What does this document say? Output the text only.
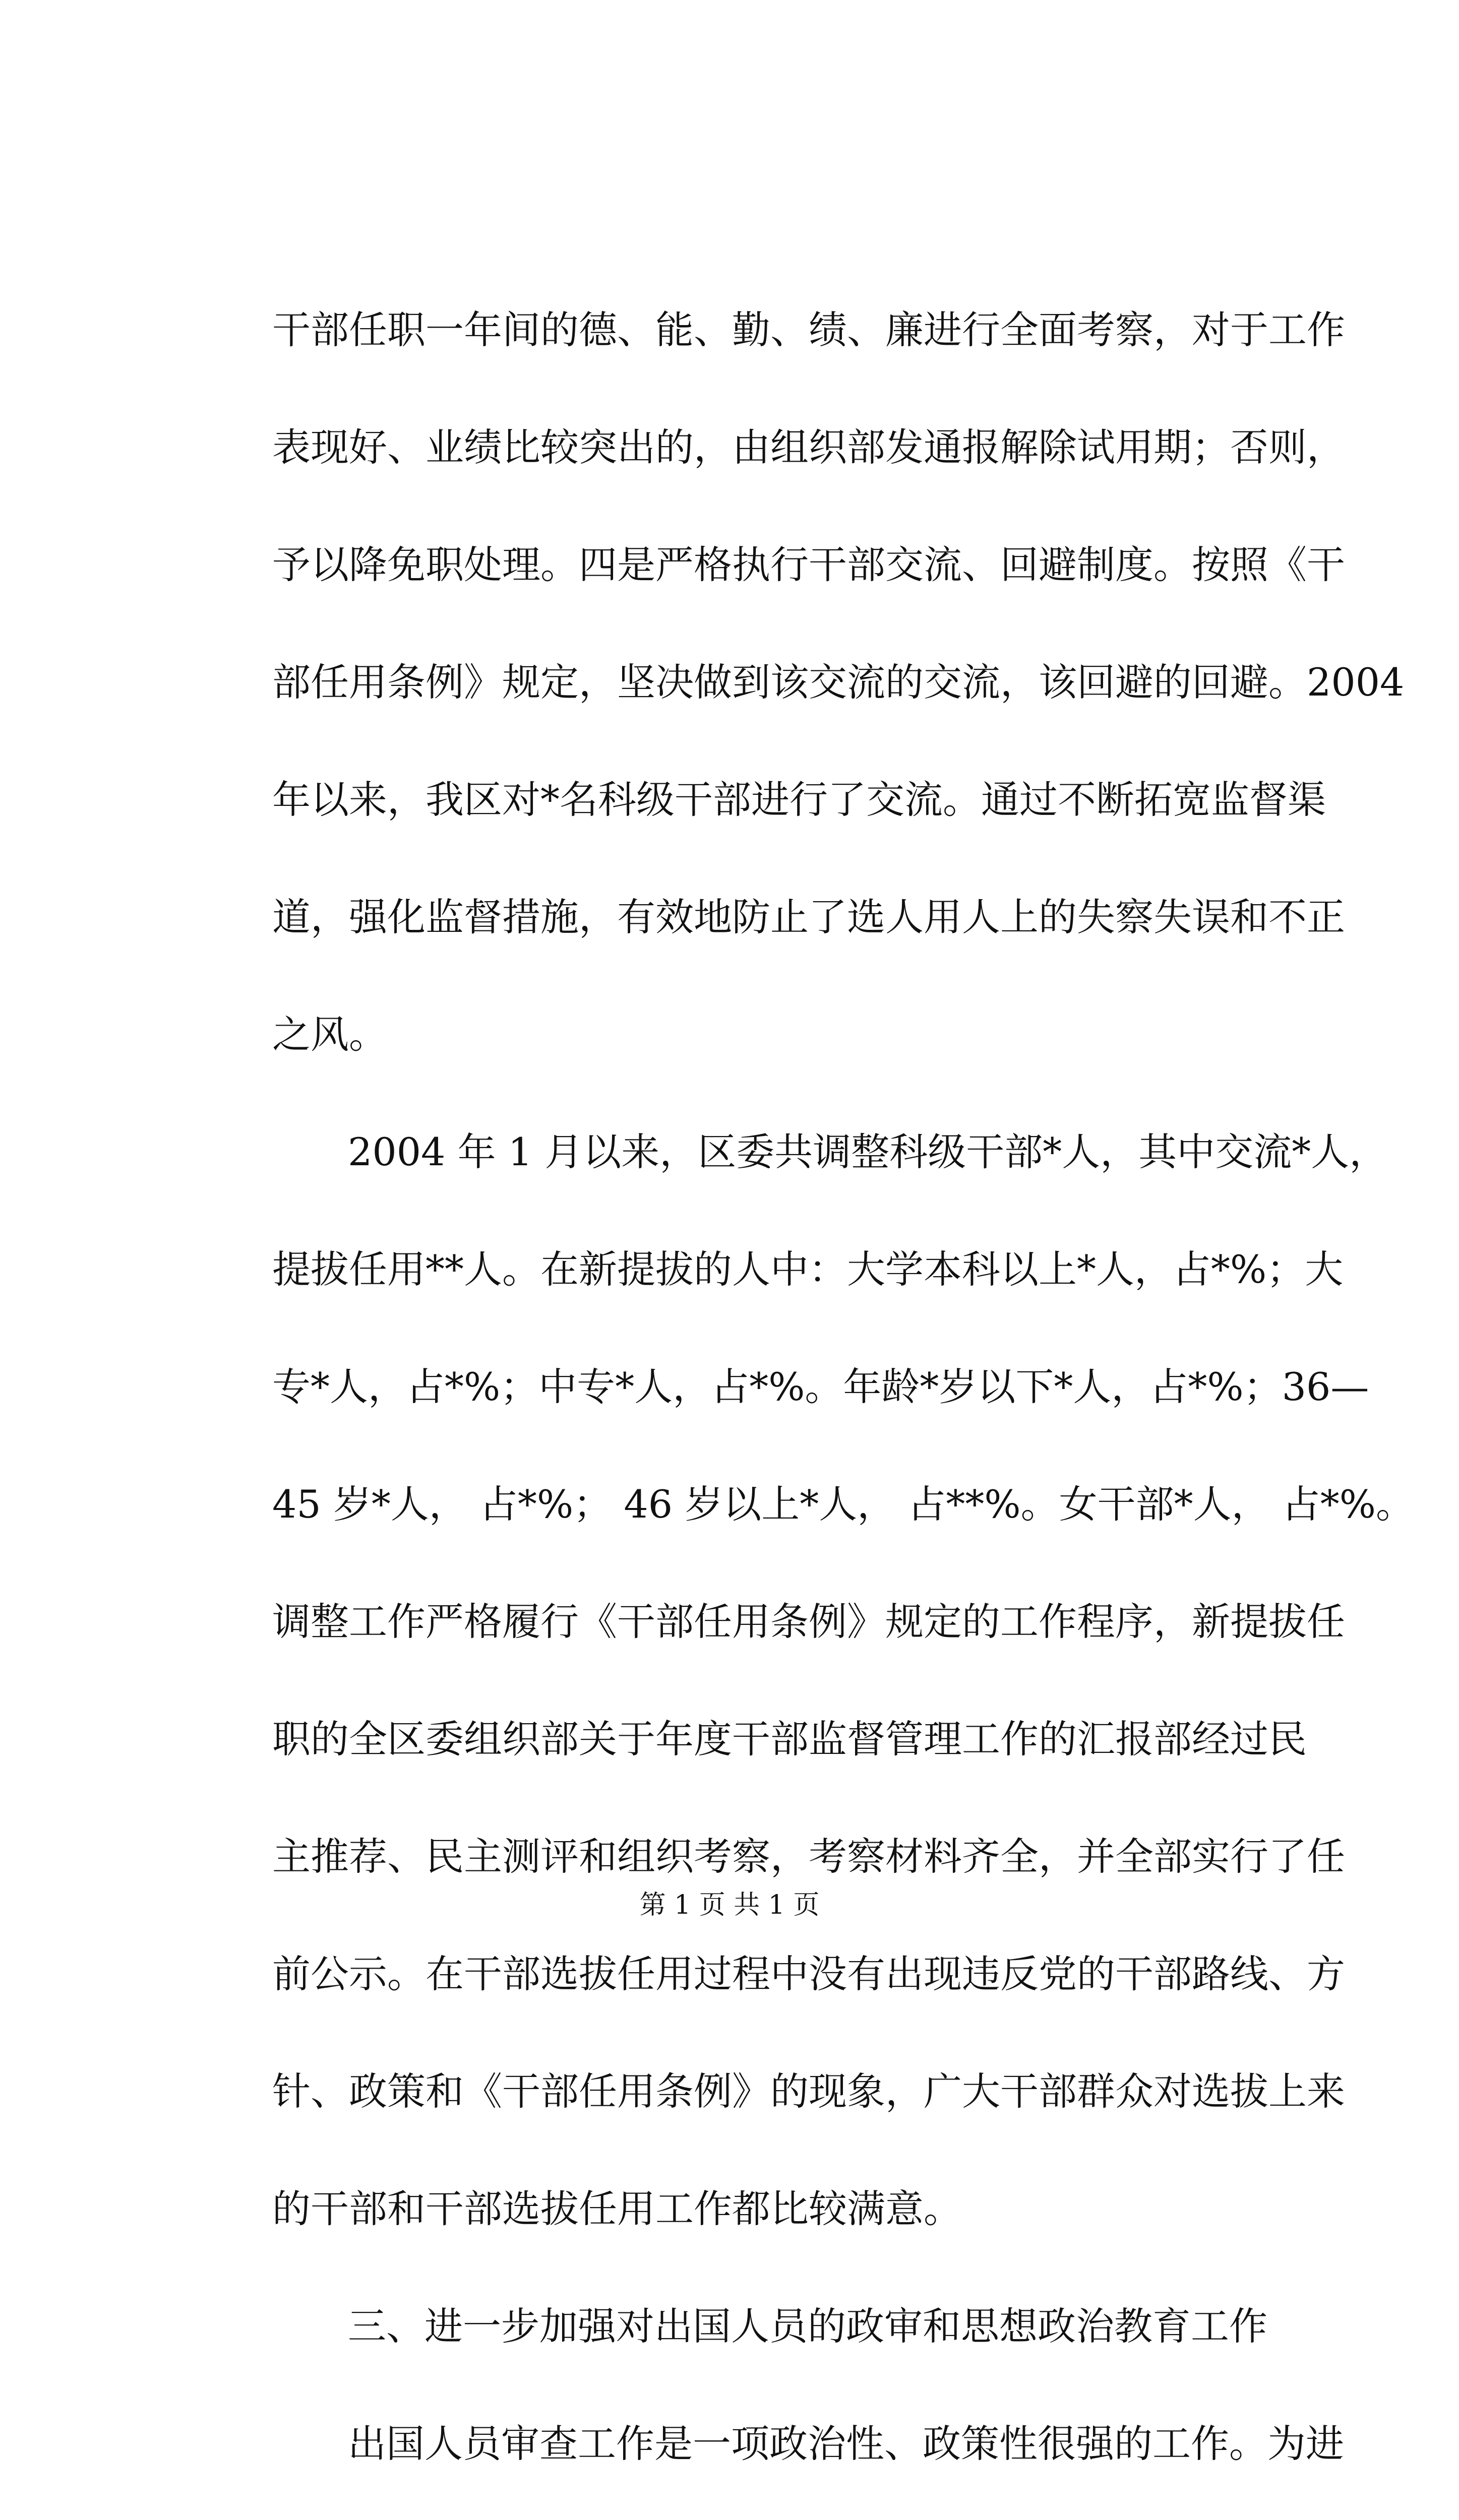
干部任职一年间的德、能、勤、绩、廉进行全面考察，对于工作
表现好、业绩比较突出的，由组织部发通报解除试用期；否则，
予以降免职处理。四是严格执行干部交流、回避制度。按照《干
部任用条例》规定，坚决做到该交流的交流，该回避的回避。2004
年以来，我区对*名科级干部进行了交流。通过不断拓宽监督渠
道，强化监督措施，有效地防止了选人用人上的失察失误和不正
之风。
2004 年 1 月以来，区委共调整科级干部*人，其中交流*人，
提拔任用**人。在新提拔的人中：大学本科以上*人，占*%；大
专*人，占*%；中专*人，占*%。年龄*岁以下*人，占*%；36—
45 岁*人， 占*%； 46 岁以上*人， 占**%。女干部*人， 占*%。
调整工作严格履行《干部任用条例》规定的工作程序，新提拔任
职的全区委组织部关于年度干部监督管理工作的汇报部经过民
主推荐、民主测评和组织考察，考察材料齐全，并全部实行了任
前公示。在干部选拔任用过程中没有出现违反党的干部路线、方
针、政策和《干部任用条例》的现象，广大干部群众对选拔上来
的干部和干部选拔任用工作都比较满意。
三、进一步加强对出国人员的政审和思想政治教育工作
出国人员审查工作是一项政治性、政策性很强的工作。为进
第 1 页 共 1 页
